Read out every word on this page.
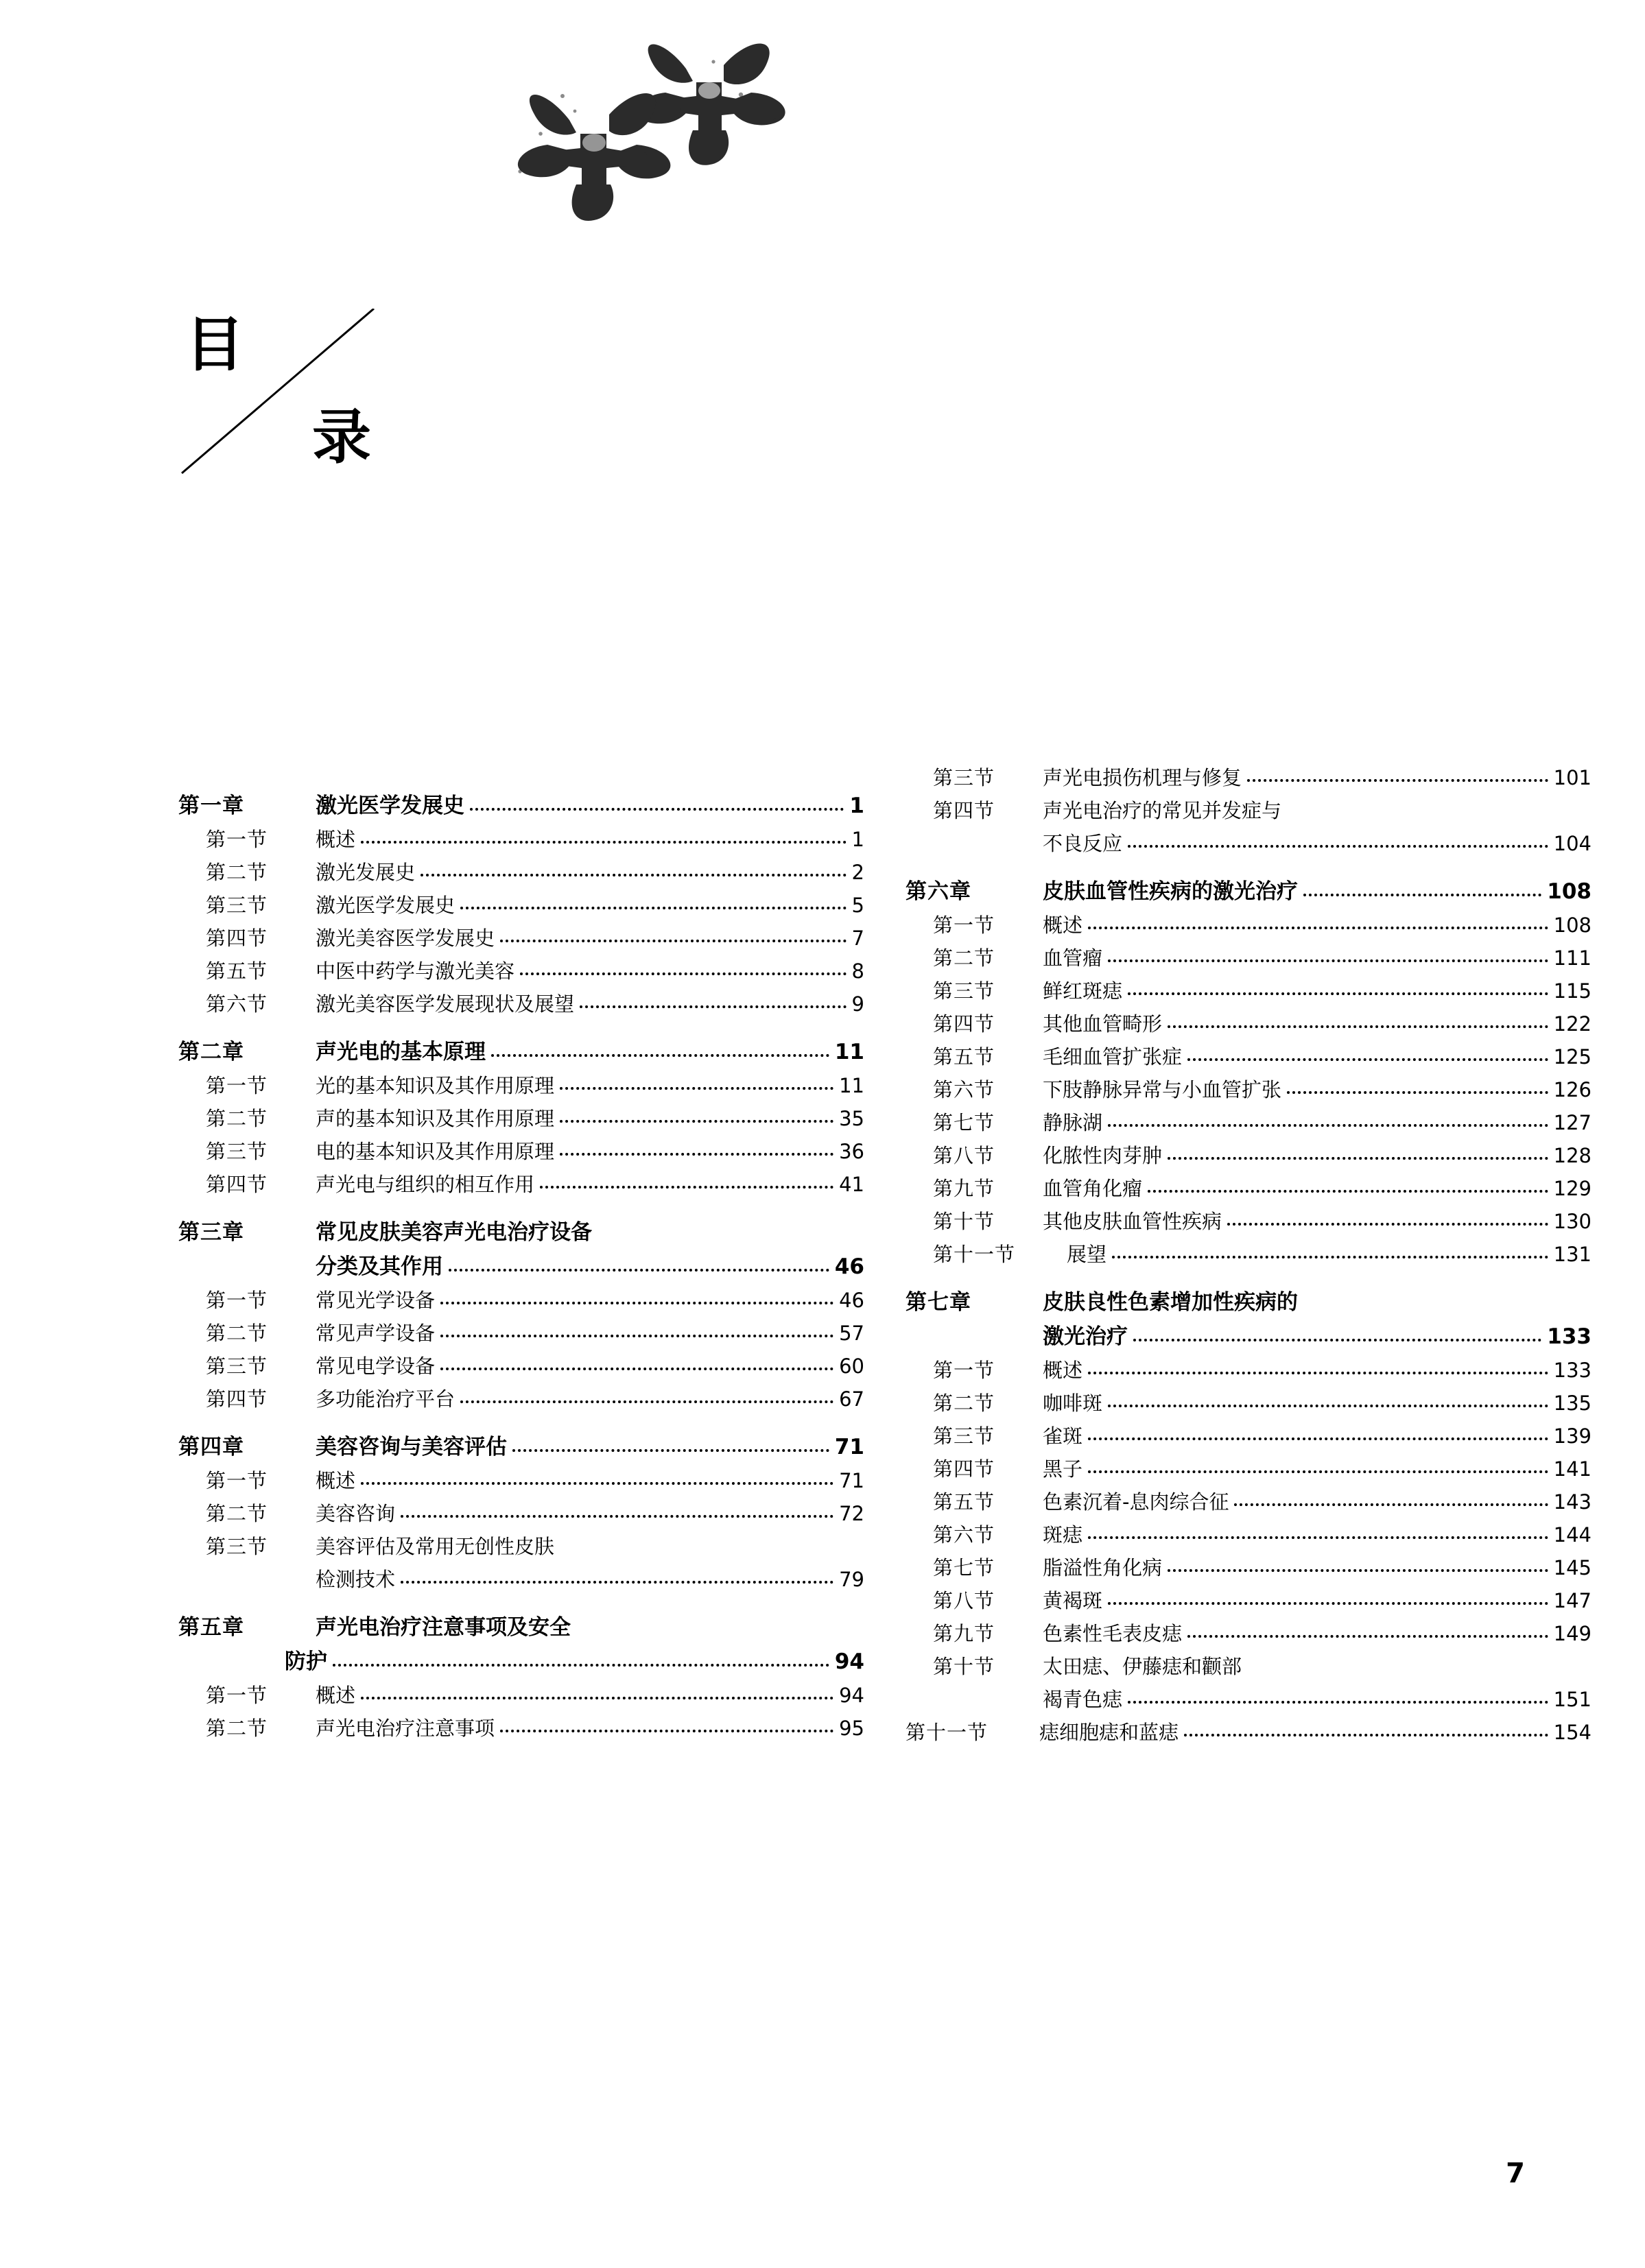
目
录
第一章	激光医学发展史	1
第一节	概述	1
第二节	激光发展史	2
第三节	激光医学发展史	5
第四节	激光美容医学发展史	7
第五节	中医中药学与激光美容	8
第六节	激光美容医学发展现状及展望	9
第二章	声光电的基本原理	11
第一节	光的基本知识及其作用原理	11
第二节	声的基本知识及其作用原理	35
第三节	电的基本知识及其作用原理	36
第四节	声光电与组织的相互作用	41
第三章	常见皮肤美容声光电治疗设备
分类及其作用	46
第一节	常见光学设备	46
第二节	常见声学设备	57
第三节	常见电学设备	60
第四节	多功能治疗平台	67
第四章	美容咨询与美容评估	71
第一节	概述	71
第二节	美容咨询	72
第三节	美容评估及常用无创性皮肤
检测技术	79
第五章	声光电治疗注意事项及安全
防护	94
第一节	概述	94
第二节	声光电治疗注意事项	95
第三节	声光电损伤机理与修复	101
第四节	声光电治疗的常见并发症与
不良反应	104
第六章	皮肤血管性疾病的激光治疗	108
第一节	概述	108
第二节	血管瘤	111
第三节	鲜红斑痣	115
第四节	其他血管畸形	122
第五节	毛细血管扩张症	125
第六节	下肢静脉异常与小血管扩张	126
第七节	静脉湖	127
第八节	化脓性肉芽肿	128
第九节	血管角化瘤	129
第十节	其他皮肤血管性疾病	130
第十一节	展望	131
第七章	皮肤良性色素增加性疾病的
激光治疗	133
第一节	概述	133
第二节	咖啡斑	135
第三节	雀斑	139
第四节	黑子	141
第五节	色素沉着-息肉综合征	143
第六节	斑痣	144
第七节	脂溢性角化病	145
第八节	黄褐斑	147
第九节	色素性毛表皮痣	149
第十节	太田痣、伊藤痣和颧部
褐青色痣	151
第十一节	痣细胞痣和蓝痣	154
7
